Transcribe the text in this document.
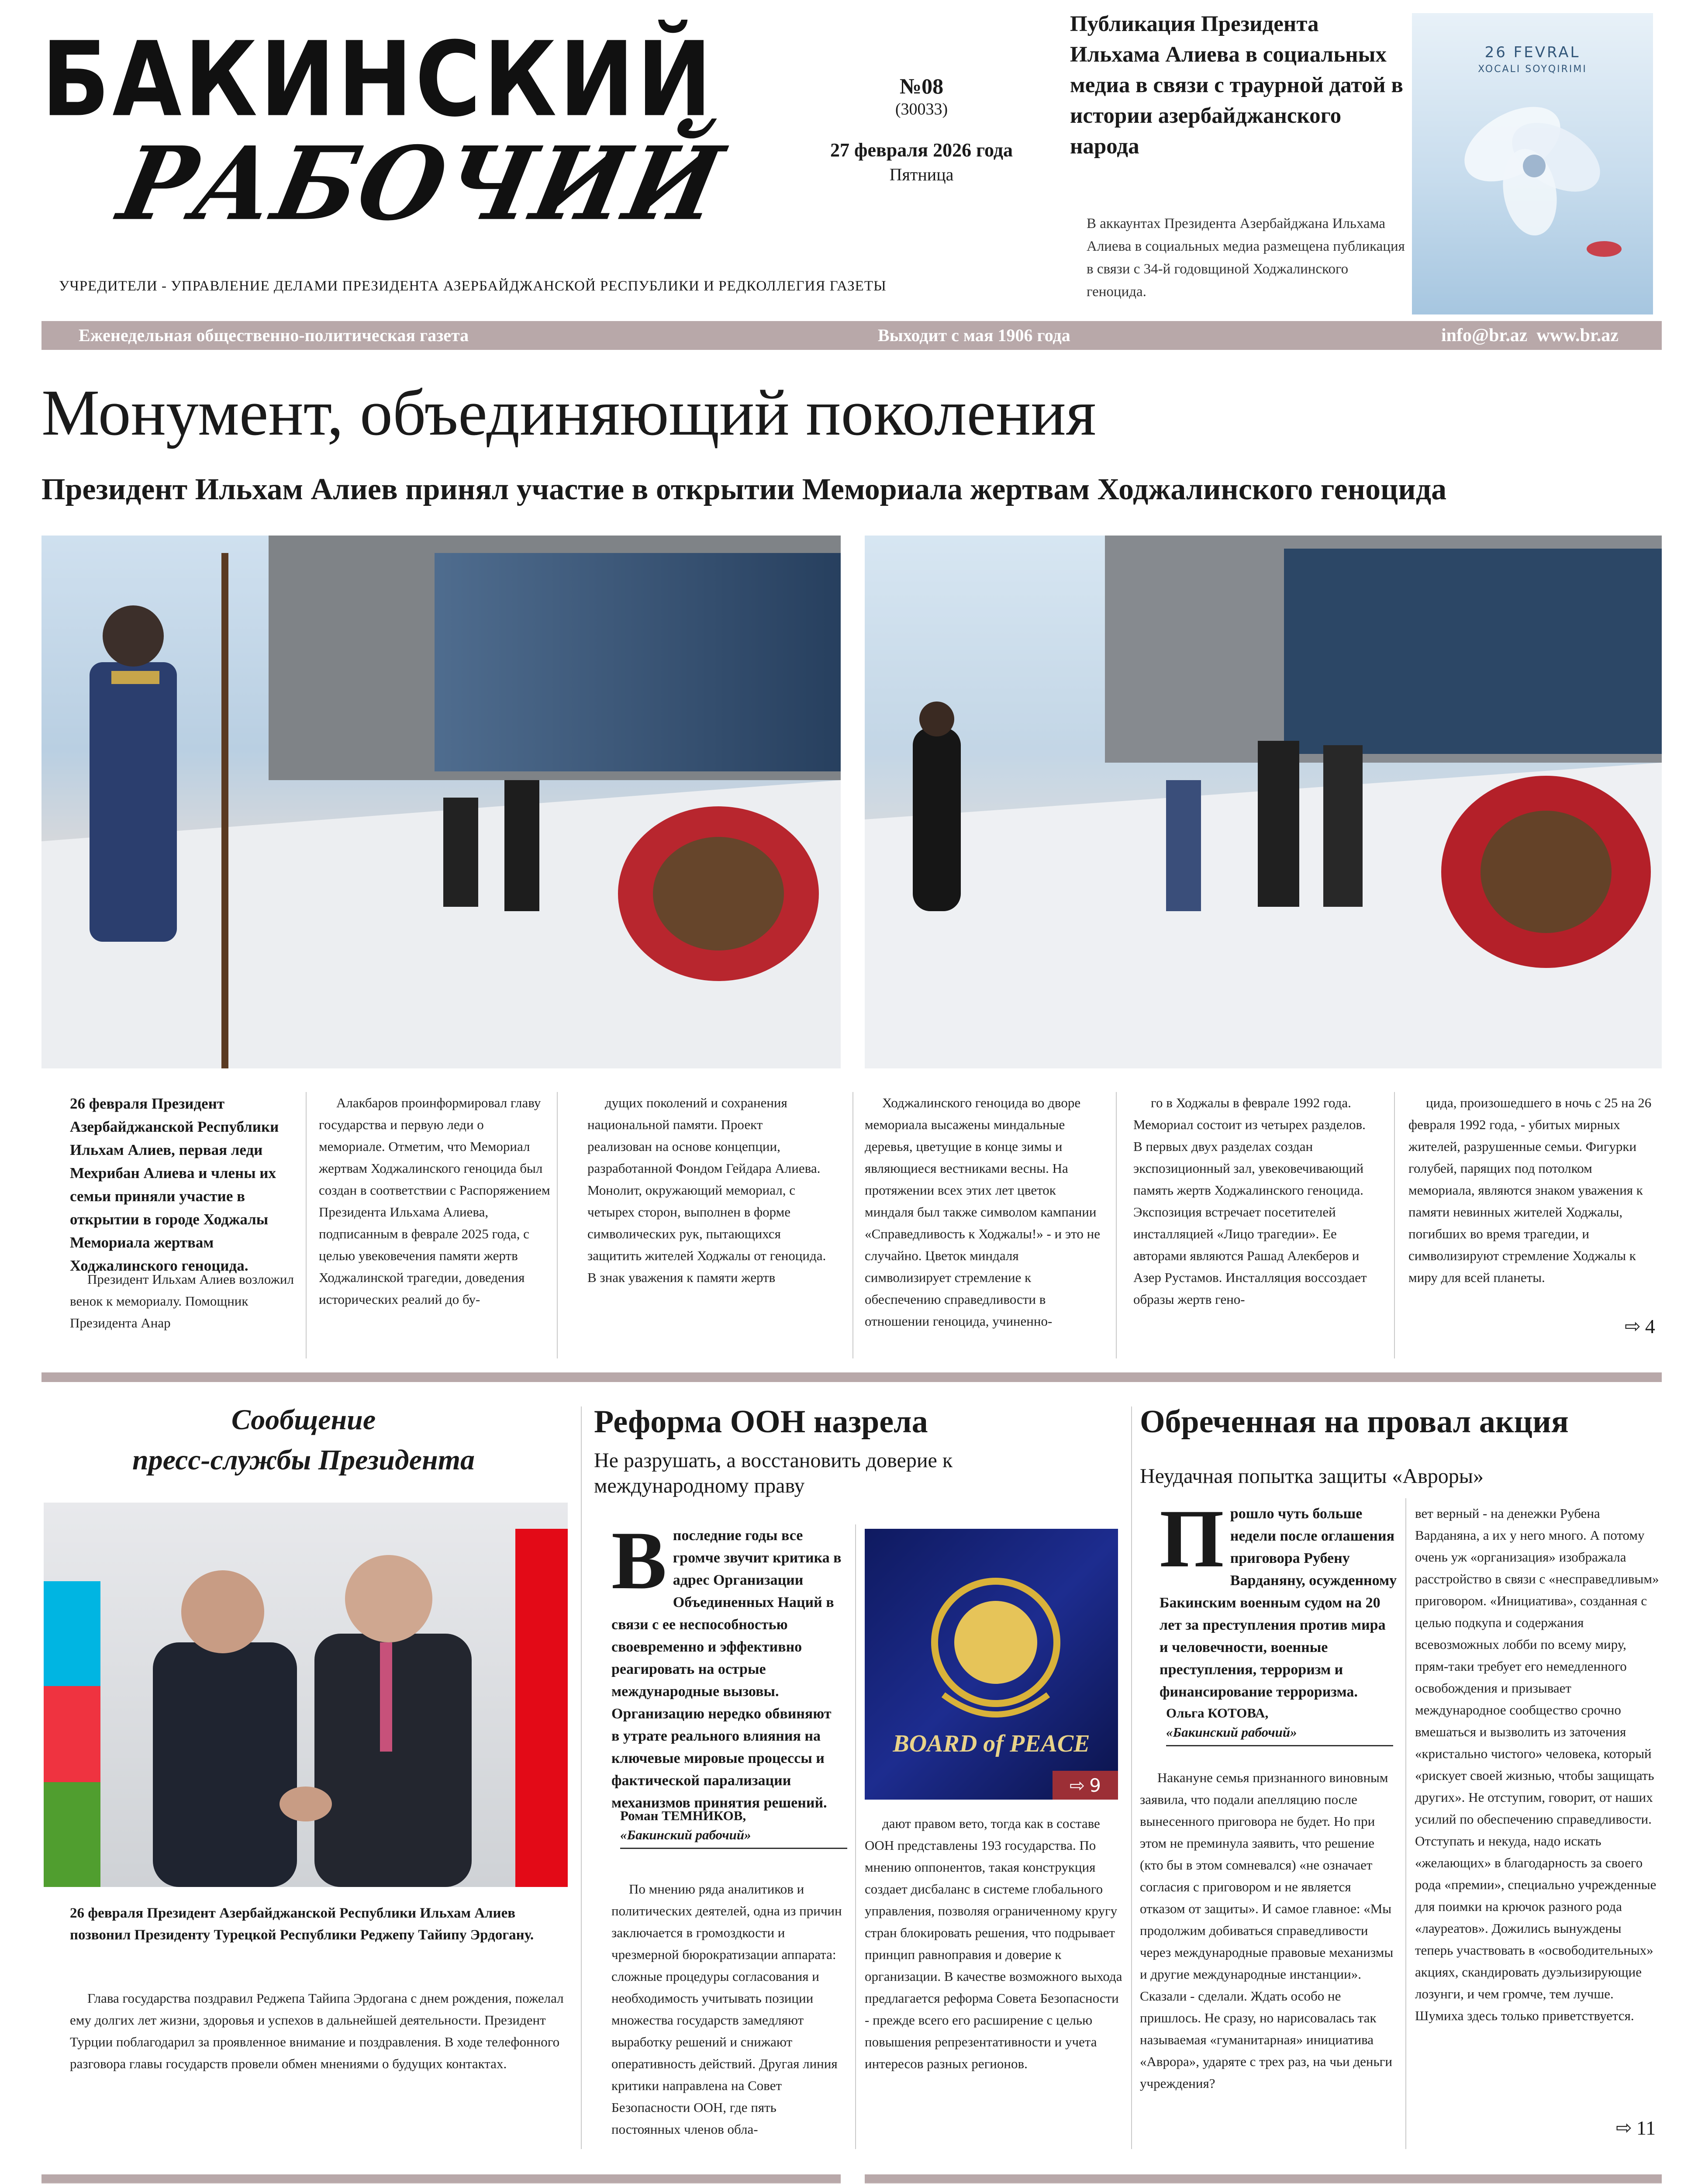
БАКИНСКИЙ
РАБОЧИЙ
№08
(30033)
27 февраля 2026 года
Пятница
Публикация Президента Ильхама Алиева в социальных медиа в связи с траурной датой в истории азербайджанского народа
В аккаунтах Президента Азербайджана Ильхама Алиева в социальных медиа размещена публикация в связи с 34-й годовщиной Ходжалинского геноцида.
26 FEVRAL
XOCALI SOYQIRIMI
УЧРЕДИТЕЛИ - УПРАВЛЕНИЕ ДЕЛАМИ ПРЕЗИДЕНТА АЗЕРБАЙДЖАНСКОЙ РЕСПУБЛИКИ И РЕДКОЛЛЕГИЯ ГАЗЕТЫ
Еженедельная общественно-политическая газета	Выходит с мая 1906 года	info@br.az  www.br.az
Монумент, объединяющий поколения
Президент Ильхам Алиев принял участие в открытии Мемориала жертвам Ходжалинского геноцида
26 февраля Президент Азербайджанской Республики Ильхам Алиев, первая леди Мехрибан Алиева и члены их семьи приняли участие в открытии в городе Ходжалы Мемориала жертвам Ходжалинского геноцида.
Президент Ильхам Алиев возложил венок к мемориалу. Помощник Президента Анар
Алакбаров проинформировал главу государства и первую леди о мемориале. Отметим, что Мемориал жертвам Ходжалинского геноцида был создан в соответствии с Распоряжением Президента Ильхама Алиева, подписанным в феврале 2025 года, с целью увековечения памяти жертв Ходжалинской трагедии, доведения исторических реалий до бу-
дущих поколений и сохранения национальной памяти. Проект реализован на основе концепции, разработанной Фондом Гейдара Алиева. Монолит, окружающий мемориал, с четырех сторон, выполнен в форме символических рук, пытающихся защитить жителей Ходжалы от геноцида. В знак уважения к памяти жертв
Ходжалинского геноцида во дворе мемориала высажены миндальные деревья, цветущие в конце зимы и являющиеся вестниками весны. На протяжении всех этих лет цветок миндаля был также символом кампании «Справедливость к Ходжалы!» - и это не случайно. Цветок миндаля символизирует стремление к обеспечению справедливости в отношении геноцида, учиненно-
го в Ходжалы в феврале 1992 года. Мемориал состоит из четырех разделов. В первых двух разделах создан экспозиционный зал, увековечивающий память жертв Ходжалинского геноцида. Экспозиция встречает посетителей инсталляцией «Лицо трагедии». Ее авторами являются Рашад Алекберов и Азер Рустамов. Инсталляция воссоздает образы жертв гено-
цида, произошедшего в ночь с 25 на 26 февраля 1992 года, - убитых мирных жителей, разрушенные семьи. Фигурки голубей, парящих под потолком мемориала, являются знаком уважения к памяти невинных жителей Ходжалы, погибших во время трагедии, и символизируют стремление Ходжалы к миру для всей планеты.
⇨ 4
Сообщение
пресс-службы Президента
26 февраля Президент Азербайджанской Республики Ильхам Алиев позвонил Президенту Турецкой Республики Реджепу Тайипу Эрдогану.
Глава государства поздравил Реджепа Тайипа Эрдогана с днем рождения, пожелал ему долгих лет жизни, здоровья и успехов в дальнейшей деятельности. Президент Турции поблагодарил за проявленное внимание и поздравления. В ходе телефонного разговора главы государств провели обмен мнениями о будущих контактах.
Реформа ООН назрела
Не разрушать, а восстановить доверие к международному праву
Впоследние годы все громче звучит критика в адрес Организации Объединенных Наций в связи с ее неспособностью своевременно и эффективно реагировать на острые международные вызовы. Организацию нередко обвиняют в утрате реального влияния на ключевые мировые процессы и фактической парализации механизмов принятия решений.
Роман ТЕМНИКОВ,
«Бакинский рабочий»
BOARD of PEACE
⇨ 9
По мнению ряда аналитиков и политических деятелей, одна из причин заключается в громоздкости и чрезмерной бюрократизации аппарата: сложные процедуры согласования и необходимость учитывать позиции множества государств замедляют выработку решений и снижают оперативность действий. Другая линия критики направлена на Совет Безопасности ООН, где пять постоянных членов обла-
дают правом вето, тогда как в составе ООН представлены 193 государства. По мнению оппонентов, такая конструкция создает дисбаланс в системе глобального управления, позволяя ограниченному кругу стран блокировать решения, что подрывает принцип равноправия и доверие к организации. В качестве возможного выхода предлагается реформа Совета Безопасности - прежде всего его расширение с целью повышения репрезентативности и учета интересов разных регионов.
Обреченная на провал акция
Неудачная попытка защиты «Авроры»
Прошло чуть больше недели после оглашения приговора Рубену Варданяну, осужденному Бакинским военным судом на 20 лет за преступления против мира и человечности, военные преступления, терроризм и финансирование терроризма.
Ольга КОТОВА,
«Бакинский рабочий»
Накануне семья признанного виновным заявила, что подали апелляцию после вынесенного приговора не будет. Но при этом не преминула заявить, что решение (кто бы в этом сомневался) «не означает согласия с приговором и не является отказом от защиты». И самое главное: «Мы продолжим добиваться справедливости через международные правовые механизмы и другие международные инстанции». Сказали - сделали. Ждать особо не пришлось. Не сразу, но нарисовалась так называемая «гуманитарная» инициатива «Аврора», ударяте с трех раз, на чьи деньги учреждения?
вет верный - на денежки Рубена Варданяна, а их у него много. А потому очень уж «организация» изображала расстройство в связи с «несправедливым» приговором. «Инициатива», созданная с целью подкупа и содержания всевозможных лобби по всему миру, прям-таки требует его немедленного освобождения и призывает международное сообщество срочно вмешаться и вызволить из заточения «кристально чистого» человека, который «рискует своей жизнью, чтобы защищать других». Не отступим, говорит, от наших усилий по обеспечению справедливости. Отступать и некуда, надо искать «желающих» в благодарность за своего рода «премии», специально учрежденные для поимки на крючок разного рода «лауреатов». Дожились вынуждены теперь участвовать в «освободительных» акциях, скандировать дуэльизирующие лозунги, и чем громче, тем лучше. Шумиха здесь только приветствуется.
⇨ 11
